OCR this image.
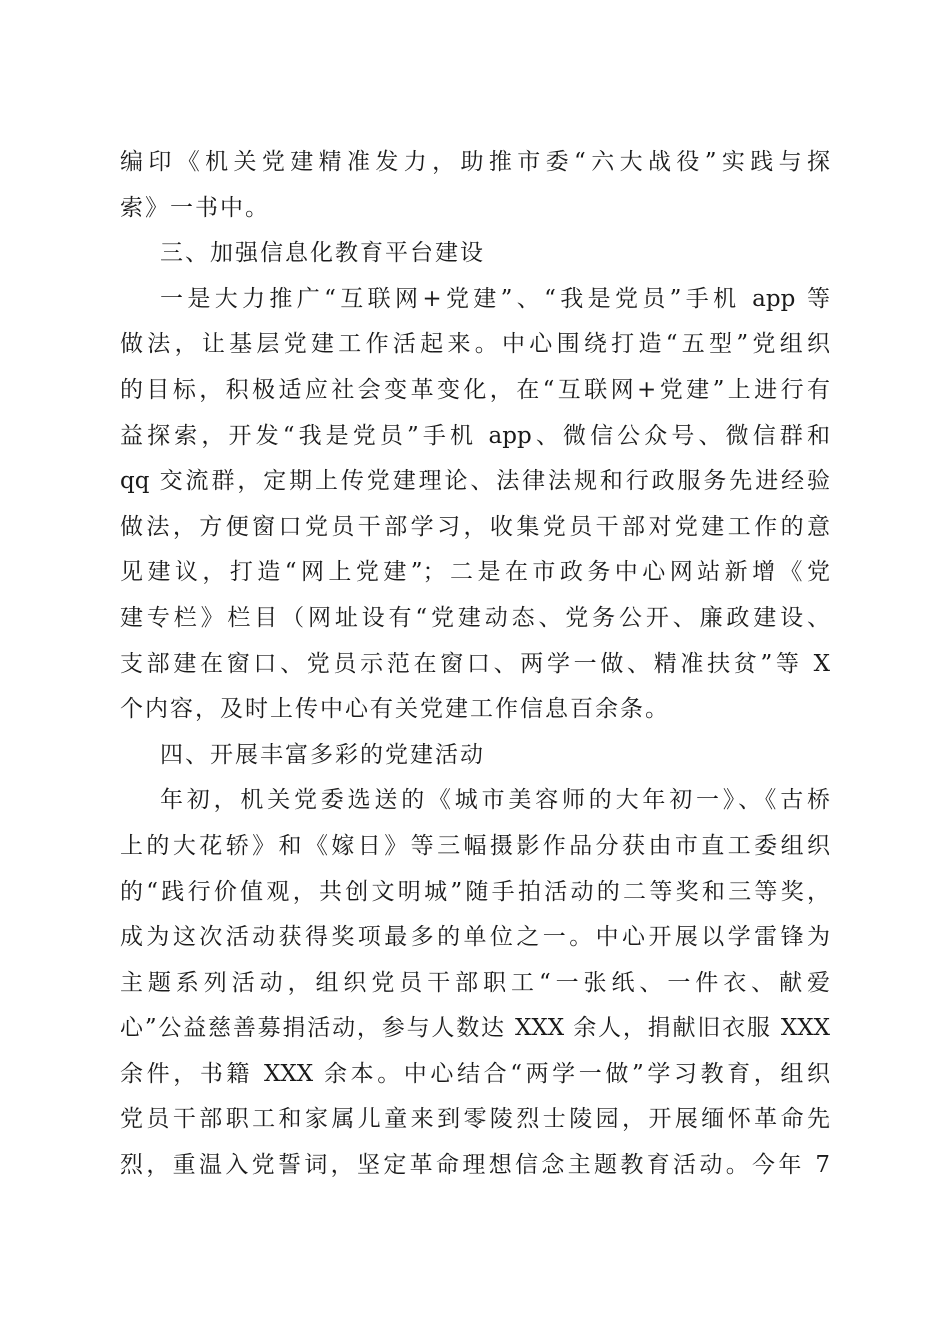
编印《机关党建精准发力，助推市委“六大战役”实践与探
索》一书中。
三、加强信息化教育平台建设
一是大力推广“互联网+党建”、“我是党员”手机 app 等
做法，让基层党建工作活起来。中心围绕打造“五型”党组织
的目标，积极适应社会变革变化，在“互联网+党建”上进行有
益探索，开发“我是党员”手机 app、微信公众号、微信群和
qq 交流群，定期上传党建理论、法律法规和行政服务先进经验
做法，方便窗口党员干部学习，收集党员干部对党建工作的意
见建议，打造“网上党建”；二是在市政务中心网站新增《党
建专栏》栏目（网址设有“党建动态、党务公开、廉政建设、
支部建在窗口、党员示范在窗口、两学一做、精准扶贫”等 X
个内容，及时上传中心有关党建工作信息百余条。
四、开展丰富多彩的党建活动
年初，机关党委选送的《城市美容师的大年初一》、《古桥
上的大花轿》和《嫁日》等三幅摄影作品分获由市直工委组织
的“践行价值观，共创文明城”随手拍活动的二等奖和三等奖，
成为这次活动获得奖项最多的单位之一。中心开展以学雷锋为
主题系列活动，组织党员干部职工“一张纸、一件衣、献爱
心”公益慈善募捐活动，参与人数达 XXX 余人，捐献旧衣服 XXX
余件，书籍 XXX 余本。中心结合“两学一做”学习教育，组织
党员干部职工和家属儿童来到零陵烈士陵园，开展缅怀革命先
烈，重温入党誓词，坚定革命理想信念主题教育活动。今年 7
